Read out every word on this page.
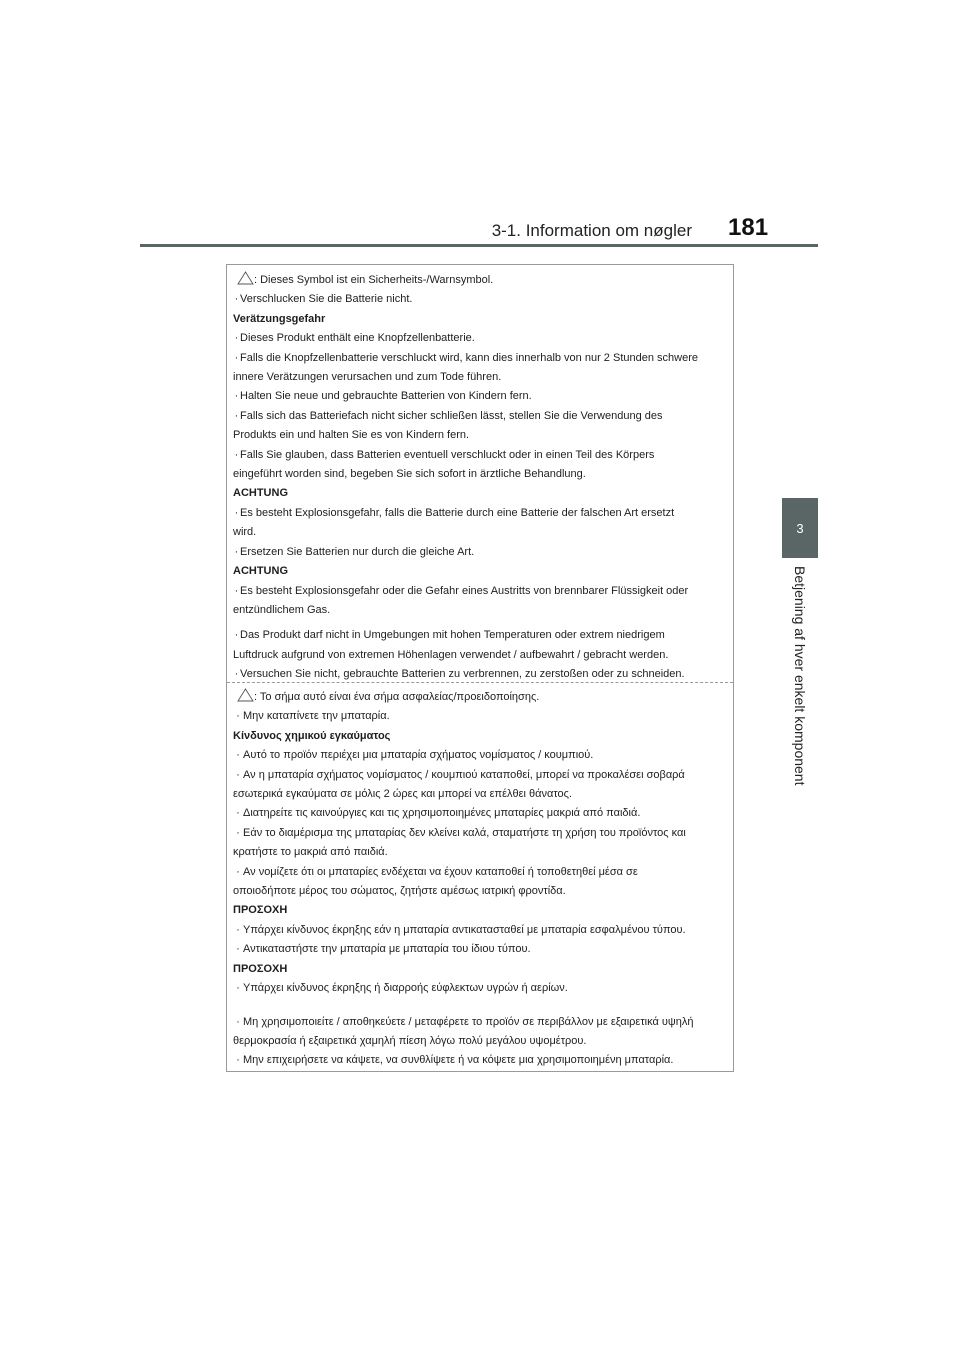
3-1. Information om nøgler 181
3
Betjening af hver enkelt komponent
: Dieses Symbol ist ein Sicherheits-/Warnsymbol.
· Verschlucken Sie die Batterie nicht.
Verätzungsgefahr
· Dieses Produkt enthält eine Knopfzellenbatterie.
· Falls die Knopfzellenbatterie verschluckt wird, kann dies innerhalb von nur 2 Stunden schwere
innere Verätzungen verursachen und zum Tode führen.
· Halten Sie neue und gebrauchte Batterien von Kindern fern.
· Falls sich das Batteriefach nicht sicher schließen lässt, stellen Sie die Verwendung des
Produkts ein und halten Sie es von Kindern fern.
· Falls Sie glauben, dass Batterien eventuell verschluckt oder in einen Teil des Körpers
eingeführt worden sind, begeben Sie sich sofort in ärztliche Behandlung.
ACHTUNG
· Es besteht Explosionsgefahr, falls die Batterie durch eine Batterie der falschen Art ersetzt
wird.
· Ersetzen Sie Batterien nur durch die gleiche Art.
ACHTUNG
· Es besteht Explosionsgefahr oder die Gefahr eines Austritts von brennbarer Flüssigkeit oder
entzündlichem Gas.
· Das Produkt darf nicht in Umgebungen mit hohen Temperaturen oder extrem niedrigem
Luftdruck aufgrund von extremen Höhenlagen verwendet / aufbewahrt / gebracht werden.
· Versuchen Sie nicht, gebrauchte Batterien zu verbrennen, zu zerstoßen oder zu schneiden.
: Το σήμα αυτό είναι ένα σήμα ασφαλείας/προειδοποίησης.
· Μην καταπίνετε την μπαταρία.
Κίνδυνος χημικού εγκαύματος
· Αυτό το προϊόν περιέχει μια μπαταρία σχήματος νομίσματος / κουμπιού.
· Αν η μπαταρία σχήματος νομίσματος / κουμπιού καταποθεί, μπορεί να προκαλέσει σοβαρά
εσωτερικά εγκαύματα σε μόλις 2 ώρες και μπορεί να επέλθει θάνατος.
· Διατηρείτε τις καινούργιες και τις χρησιμοποιημένες μπαταρίες μακριά από παιδιά.
· Εάν το διαμέρισμα της μπαταρίας δεν κλείνει καλά, σταματήστε τη χρήση του προϊόντος και
κρατήστε το μακριά από παιδιά.
· Αν νομίζετε ότι οι μπαταρίες ενδέχεται να έχουν καταποθεί ή τοποθετηθεί μέσα σε
οποιοδήποτε μέρος του σώματος, ζητήστε αμέσως ιατρική φροντίδα.
ΠΡΟΣΟΧΗ
· Υπάρχει κίνδυνος έκρηξης εάν η μπαταρία αντικατασταθεί με μπαταρία εσφαλμένου τύπου.
· Αντικαταστήστε την μπαταρία με μπαταρία του ίδιου τύπου.
ΠΡΟΣΟΧΗ
· Υπάρχει κίνδυνος έκρηξης ή διαρροής εύφλεκτων υγρών ή αερίων.
· Μη χρησιμοποιείτε / αποθηκεύετε / μεταφέρετε το προϊόν σε περιβάλλον με εξαιρετικά υψηλή
θερμοκρασία ή εξαιρετικά χαμηλή πίεση λόγω πολύ μεγάλου υψομέτρου.
· Μην επιχειρήσετε να κάψετε, να συνθλίψετε ή να κόψετε μια χρησιμοποιημένη μπαταρία.
